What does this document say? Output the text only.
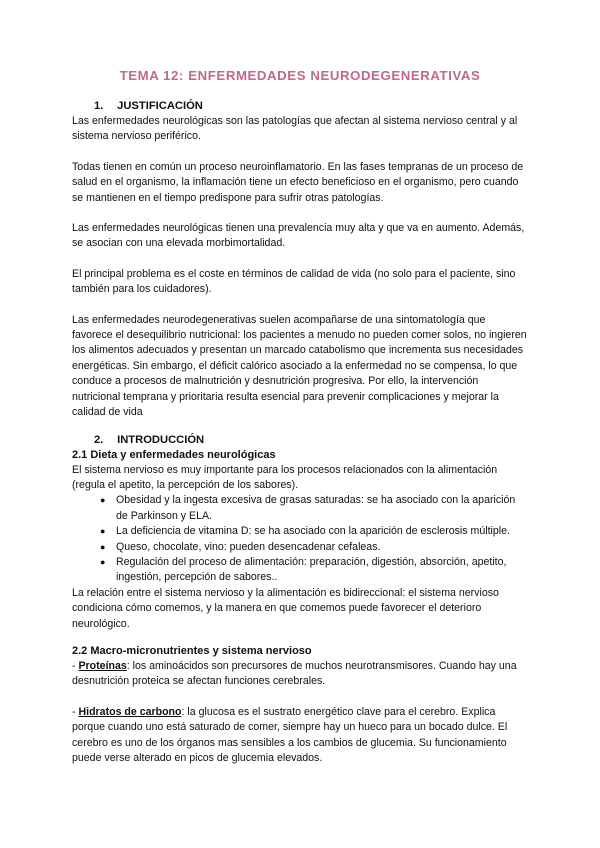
TEMA 12: ENFERMEDADES NEURODEGENERATIVAS
1. JUSTIFICACIÓN

Las enfermedades neurológicas son las patologías que afectan al sistema nervioso central y al sistema nervioso periférico.

Todas tienen en común un proceso neuroinflamatorio. En las fases tempranas de un proceso de salud en el organismo, la inflamación tiene un efecto beneficioso en el organismo, pero cuando se mantienen en el tiempo predispone para sufrir otras patologías.

Las enfermedades neurológicas tienen una prevalencia muy alta y que va en aumento. Además, se asocian con una elevada morbimortalidad.

El principal problema es el coste en términos de calidad de vida (no solo para el paciente, sino también para los cuidadores).

Las enfermedades neurodegenerativas suelen acompañarse de una sintomatología que favorece el desequilibrio nutricional: los pacientes a menudo no pueden comer solos, no ingieren los alimentos adecuados y presentan un marcado catabolismo que incrementa sus necesidades energéticas. Sin embargo, el déficit calórico asociado a la enfermedad no se compensa, lo que conduce a procesos de malnutrición y desnutrición progresiva. Por ello, la intervención nutricional temprana y prioritaria resulta esencial para prevenir complicaciones y mejorar la calidad de vida

2. INTRODUCCIÓN
2.1 Dieta y enfermedades neurológicas

El sistema nervioso es muy importante para los procesos relacionados con la alimentación (regula el apetito, la percepción de los sabores).

● Obesidad y la ingesta excesiva de grasas saturadas: se ha asociado con la aparición de Parkinson y ELA.
● La deficiencia de vitamina D: se ha asociado con la aparición de esclerosis múltiple.
● Queso, chocolate, vino: pueden desencadenar cefaleas.
● Regulación del proceso de alimentación: preparación, digestión, absorción, apetito, ingestión, percepción de sabores..

La relación entre el sistema nervioso y la alimentación es bidireccional: el sistema nervioso condiciona cómo comemos, y la manera en que comemos puede favorecer el deterioro neurológico.

2.2 Macro-micronutrientes y sistema nervioso

- Proteínas: los aminoácidos son precursores de muchos neurotransmisores. Cuando hay una desnutrición proteica se afectan funciones cerebrales.

- Hidratos de carbono: la glucosa es el sustrato energético clave para el cerebro. Explica porque cuando uno está saturado de comer, siempre hay un hueco para un bocado dulce. El cerebro es uno de los órganos mas sensibles a los cambios de glucemia. Su funcionamiento puede verse alterado en picos de glucemia elevados.
